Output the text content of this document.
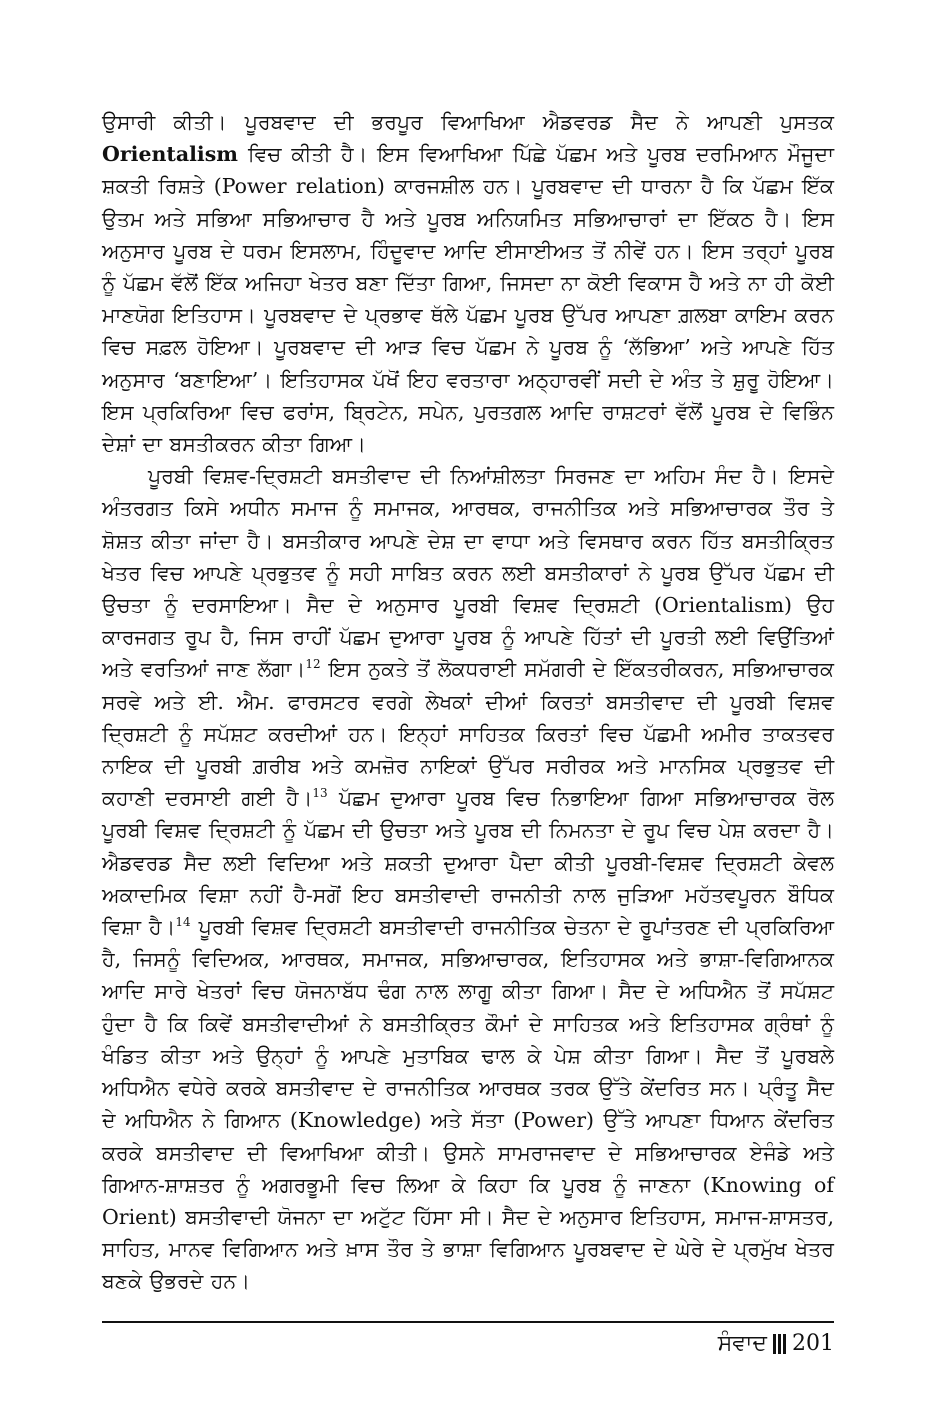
ਉਸਾਰੀ ਕੀਤੀ। ਪੂਰਬਵਾਦ ਦੀ ਭਰਪੂਰ ਵਿਆਖਿਆ ਐਡਵਰਡ ਸੈਦ ਨੇ ਆਪਣੀ ਪੁਸਤਕ Orientalism ਵਿਚ ਕੀਤੀ ਹੈ। ਇਸ ਵਿਆਖਿਆ ਪਿੱਛੇ ਪੱਛਮ ਅਤੇ ਪੂਰਬ ਦਰਮਿਆਨ ਮੌਜੂਦਾ ਸ਼ਕਤੀ ਰਿਸ਼ਤੇ (Power relation) ਕਾਰਜਸ਼ੀਲ ਹਨ। ਪੂਰਬਵਾਦ ਦੀ ਧਾਰਨਾ ਹੈ ਕਿ ਪੱਛਮ ਇੱਕ ਉਤਮ ਅਤੇ ਸਭਿਆ ਸਭਿਆਚਾਰ ਹੈ ਅਤੇ ਪੂਰਬ ਅਨਿਯਮਿਤ ਸਭਿਆਚਾਰਾਂ ਦਾ ਇੱਕਠ ਹੈ। ਇਸ ਅਨੁਸਾਰ ਪੂਰਬ ਦੇ ਧਰਮ ਇਸਲਾਮ, ਹਿੰਦੂਵਾਦ ਆਦਿ ਈਸਾਈਅਤ ਤੋਂ ਨੀਵੇਂ ਹਨ। ਇਸ ਤਰ੍ਹਾਂ ਪੂਰਬ ਨੂੰ ਪੱਛਮ ਵੱਲੋਂ ਇੱਕ ਅਜਿਹਾ ਖੇਤਰ ਬਣਾ ਦਿੱਤਾ ਗਿਆ, ਜਿਸਦਾ ਨਾ ਕੋਈ ਵਿਕਾਸ ਹੈ ਅਤੇ ਨਾ ਹੀ ਕੋਈ ਮਾਣਯੋਗ ਇਤਿਹਾਸ। ਪੂਰਬਵਾਦ ਦੇ ਪ੍ਰਭਾਵ ਥੱਲੇ ਪੱਛਮ ਪੂਰਬ ਉੱਪਰ ਆਪਣਾ ਗ਼ਲਬਾ ਕਾਇਮ ਕਰਨ ਵਿਚ ਸਫ਼ਲ ਹੋਇਆ। ਪੂਰਬਵਾਦ ਦੀ ਆੜ ਵਿਚ ਪੱਛਮ ਨੇ ਪੂਰਬ ਨੂੰ ‘ਲੱਭਿਆ’ ਅਤੇ ਆਪਣੇ ਹਿੱਤ ਅਨੁਸਾਰ ‘ਬਣਾਇਆ’। ਇਤਿਹਾਸਕ ਪੱਖੋਂ ਇਹ ਵਰਤਾਰਾ ਅਠ੍ਹਾਰਵੀਂ ਸਦੀ ਦੇ ਅੰਤ ਤੇ ਸ਼ੁਰੂ ਹੋਇਆ। ਇਸ ਪ੍ਰਕਿਰਿਆ ਵਿਚ ਫਰਾਂਸ, ਬ੍ਰਿਟੇਨ, ਸਪੇਨ, ਪੁਰਤਗਲ ਆਦਿ ਰਾਸ਼ਟਰਾਂ ਵੱਲੋਂ ਪੂਰਬ ਦੇ ਵਿਭਿੰਨ ਦੇਸ਼ਾਂ ਦਾ ਬਸਤੀਕਰਨ ਕੀਤਾ ਗਿਆ।

ਪੂਰਬੀ ਵਿਸ਼ਵ-ਦ੍ਰਿਸ਼ਟੀ ਬਸਤੀਵਾਦ ਦੀ ਨਿਆਂਸ਼ੀਲਤਾ ਸਿਰਜਣ ਦਾ ਅਹਿਮ ਸੰਦ ਹੈ। ਇਸਦੇ ਅੰਤਰਗਤ ਕਿਸੇ ਅਧੀਨ ਸਮਾਜ ਨੂੰ ਸਮਾਜਕ, ਆਰਥਕ, ਰਾਜਨੀਤਿਕ ਅਤੇ ਸਭਿਆਚਾਰਕ ਤੌਰ ਤੇ ਸ਼ੋਸ਼ਤ ਕੀਤਾ ਜਾਂਦਾ ਹੈ। ਬਸਤੀਕਾਰ ਆਪਣੇ ਦੇਸ਼ ਦਾ ਵਾਧਾ ਅਤੇ ਵਿਸਥਾਰ ਕਰਨ ਹਿੱਤ ਬਸਤੀਕ੍ਰਿਤ ਖੇਤਰ ਵਿਚ ਆਪਣੇ ਪ੍ਰਭੁਤਵ ਨੂੰ ਸਹੀ ਸਾਬਿਤ ਕਰਨ ਲਈ ਬਸਤੀਕਾਰਾਂ ਨੇ ਪੂਰਬ ਉੱਪਰ ਪੱਛਮ ਦੀ ਉਚਤਾ ਨੂੰ ਦਰਸਾਇਆ। ਸੈਦ ਦੇ ਅਨੁਸਾਰ ਪੂਰਬੀ ਵਿਸ਼ਵ ਦ੍ਰਿਸ਼ਟੀ (Orientalism) ਉਹ ਕਾਰਜਗਤ ਰੂਪ ਹੈ, ਜਿਸ ਰਾਹੀਂ ਪੱਛਮ ਦੁਆਰਾ ਪੂਰਬ ਨੂੰ ਆਪਣੇ ਹਿੱਤਾਂ ਦੀ ਪੂਰਤੀ ਲਈ ਵਿਉਂਤਿਆਂ ਅਤੇ ਵਰਤਿਆਂ ਜਾਣ ਲੱਗਾ।$^{12}$ ਇਸ ਨੁਕਤੇ ਤੋਂ ਲੋਕਧਰਾਈ ਸਮੱਗਰੀ ਦੇ ਇੱਕਤਰੀਕਰਨ, ਸਭਿਆਚਾਰਕ ਸਰਵੇ ਅਤੇ ਈ. ਐਮ. ਫਾਰਸਟਰ ਵਰਗੇ ਲੇਖਕਾਂ ਦੀਆਂ ਕਿਰਤਾਂ ਬਸਤੀਵਾਦ ਦੀ ਪੂਰਬੀ ਵਿਸ਼ਵ ਦ੍ਰਿਸ਼ਟੀ ਨੂੰ ਸਪੱਸ਼ਟ ਕਰਦੀਆਂ ਹਨ। ਇਨ੍ਹਾਂ ਸਾਹਿਤਕ ਕਿਰਤਾਂ ਵਿਚ ਪੱਛਮੀ ਅਮੀਰ ਤਾਕਤਵਰ ਨਾਇਕ ਦੀ ਪੂਰਬੀ ਗ਼ਰੀਬ ਅਤੇ ਕਮਜ਼ੋਰ ਨਾਇਕਾਂ ਉੱਪਰ ਸਰੀਰਕ ਅਤੇ ਮਾਨਸਿਕ ਪ੍ਰਭੁਤਵ ਦੀ ਕਹਾਣੀ ਦਰਸਾਈ ਗਈ ਹੈ।$^{13}$ ਪੱਛਮ ਦੁਆਰਾ ਪੂਰਬ ਵਿਚ ਨਿਭਾਇਆ ਗਿਆ ਸਭਿਆਚਾਰਕ ਰੋਲ ਪੂਰਬੀ ਵਿਸ਼ਵ ਦ੍ਰਿਸ਼ਟੀ ਨੂੰ ਪੱਛਮ ਦੀ ਉਚਤਾ ਅਤੇ ਪੂਰਬ ਦੀ ਨਿਮਨਤਾ ਦੇ ਰੂਪ ਵਿਚ ਪੇਸ਼ ਕਰਦਾ ਹੈ। ਐਡਵਰਡ ਸੈਦ ਲਈ ਵਿਦਿਆ ਅਤੇ ਸ਼ਕਤੀ ਦੁਆਰਾ ਪੈਦਾ ਕੀਤੀ ਪੂਰਬੀ-ਵਿਸ਼ਵ ਦ੍ਰਿਸ਼ਟੀ ਕੇਵਲ ਅਕਾਦਮਿਕ ਵਿਸ਼ਾ ਨਹੀਂ ਹੈ-ਸਗੋਂ ਇਹ ਬਸਤੀਵਾਦੀ ਰਾਜਨੀਤੀ ਨਾਲ ਜੁੜਿਆ ਮਹੱਤਵਪੂਰਨ ਬੌਧਿਕ ਵਿਸ਼ਾ ਹੈ।$^{14}$ ਪੂਰਬੀ ਵਿਸ਼ਵ ਦ੍ਰਿਸ਼ਟੀ ਬਸਤੀਵਾਦੀ ਰਾਜਨੀਤਿਕ ਚੇਤਨਾ ਦੇ ਰੂਪਾਂਤਰਣ ਦੀ ਪ੍ਰਕਿਰਿਆ ਹੈ, ਜਿਸਨੂੰ ਵਿਦਿਅਕ, ਆਰਥਕ, ਸਮਾਜਕ, ਸਭਿਆਚਾਰਕ, ਇਤਿਹਾਸਕ ਅਤੇ ਭਾਸ਼ਾ-ਵਿਗਿਆਨਕ ਆਦਿ ਸਾਰੇ ਖੇਤਰਾਂ ਵਿਚ ਯੋਜਨਾਬੱਧ ਢੰਗ ਨਾਲ ਲਾਗੂ ਕੀਤਾ ਗਿਆ। ਸੈਦ ਦੇ ਅਧਿਐਨ ਤੋਂ ਸਪੱਸ਼ਟ ਹੁੰਦਾ ਹੈ ਕਿ ਕਿਵੇਂ ਬਸਤੀਵਾਦੀਆਂ ਨੇ ਬਸਤੀਕ੍ਰਿਤ ਕੌਮਾਂ ਦੇ ਸਾਹਿਤਕ ਅਤੇ ਇਤਿਹਾਸਕ ਗ੍ਰੰਥਾਂ ਨੂੰ ਖੰਡਿਤ ਕੀਤਾ ਅਤੇ ਉਨ੍ਹਾਂ ਨੂੰ ਆਪਣੇ ਮੁਤਾਬਿਕ ਢਾਲ ਕੇ ਪੇਸ਼ ਕੀਤਾ ਗਿਆ। ਸੈਦ ਤੋਂ ਪੂਰਬਲੇ ਅਧਿਐਨ ਵਧੇਰੇ ਕਰਕੇ ਬਸਤੀਵਾਦ ਦੇ ਰਾਜਨੀਤਿਕ ਆਰਥਕ ਤਰਕ ਉੱਤੇ ਕੇਂਦਰਿਤ ਸਨ। ਪ੍ਰੰਤੂ ਸੈਦ ਦੇ ਅਧਿਐਨ ਨੇ ਗਿਆਨ (Knowledge) ਅਤੇ ਸੱਤਾ (Power) ਉੱਤੇ ਆਪਣਾ ਧਿਆਨ ਕੇਂਦਰਿਤ ਕਰਕੇ ਬਸਤੀਵਾਦ ਦੀ ਵਿਆਖਿਆ ਕੀਤੀ। ਉਸਨੇ ਸਾਮਰਾਜਵਾਦ ਦੇ ਸਭਿਆਚਾਰਕ ਏਜੰਡੇ ਅਤੇ ਗਿਆਨ-ਸ਼ਾਸ਼ਤਰ ਨੂੰ ਅਗਰਭੂਮੀ ਵਿਚ ਲਿਆ ਕੇ ਕਿਹਾ ਕਿ ਪੂਰਬ ਨੂੰ ਜਾਣਨਾ (Knowing of Orient) ਬਸਤੀਵਾਦੀ ਯੋਜਨਾ ਦਾ ਅਟੁੱਟ ਹਿੱਸਾ ਸੀ। ਸੈਦ ਦੇ ਅਨੁਸਾਰ ਇਤਿਹਾਸ, ਸਮਾਜ-ਸ਼ਾਸਤਰ, ਸਾਹਿਤ, ਮਾਨਵ ਵਿਗਿਆਨ ਅਤੇ ਖ਼ਾਸ ਤੌਰ ਤੇ ਭਾਸ਼ਾ ਵਿਗਿਆਨ ਪੂਰਬਵਾਦ ਦੇ ਘੇਰੇ ਦੇ ਪ੍ਰਮੁੱਖ ਖੇਤਰ ਬਣਕੇ ਉਭਰਦੇ ਹਨ।

ਸੰਵਾਦ 201
